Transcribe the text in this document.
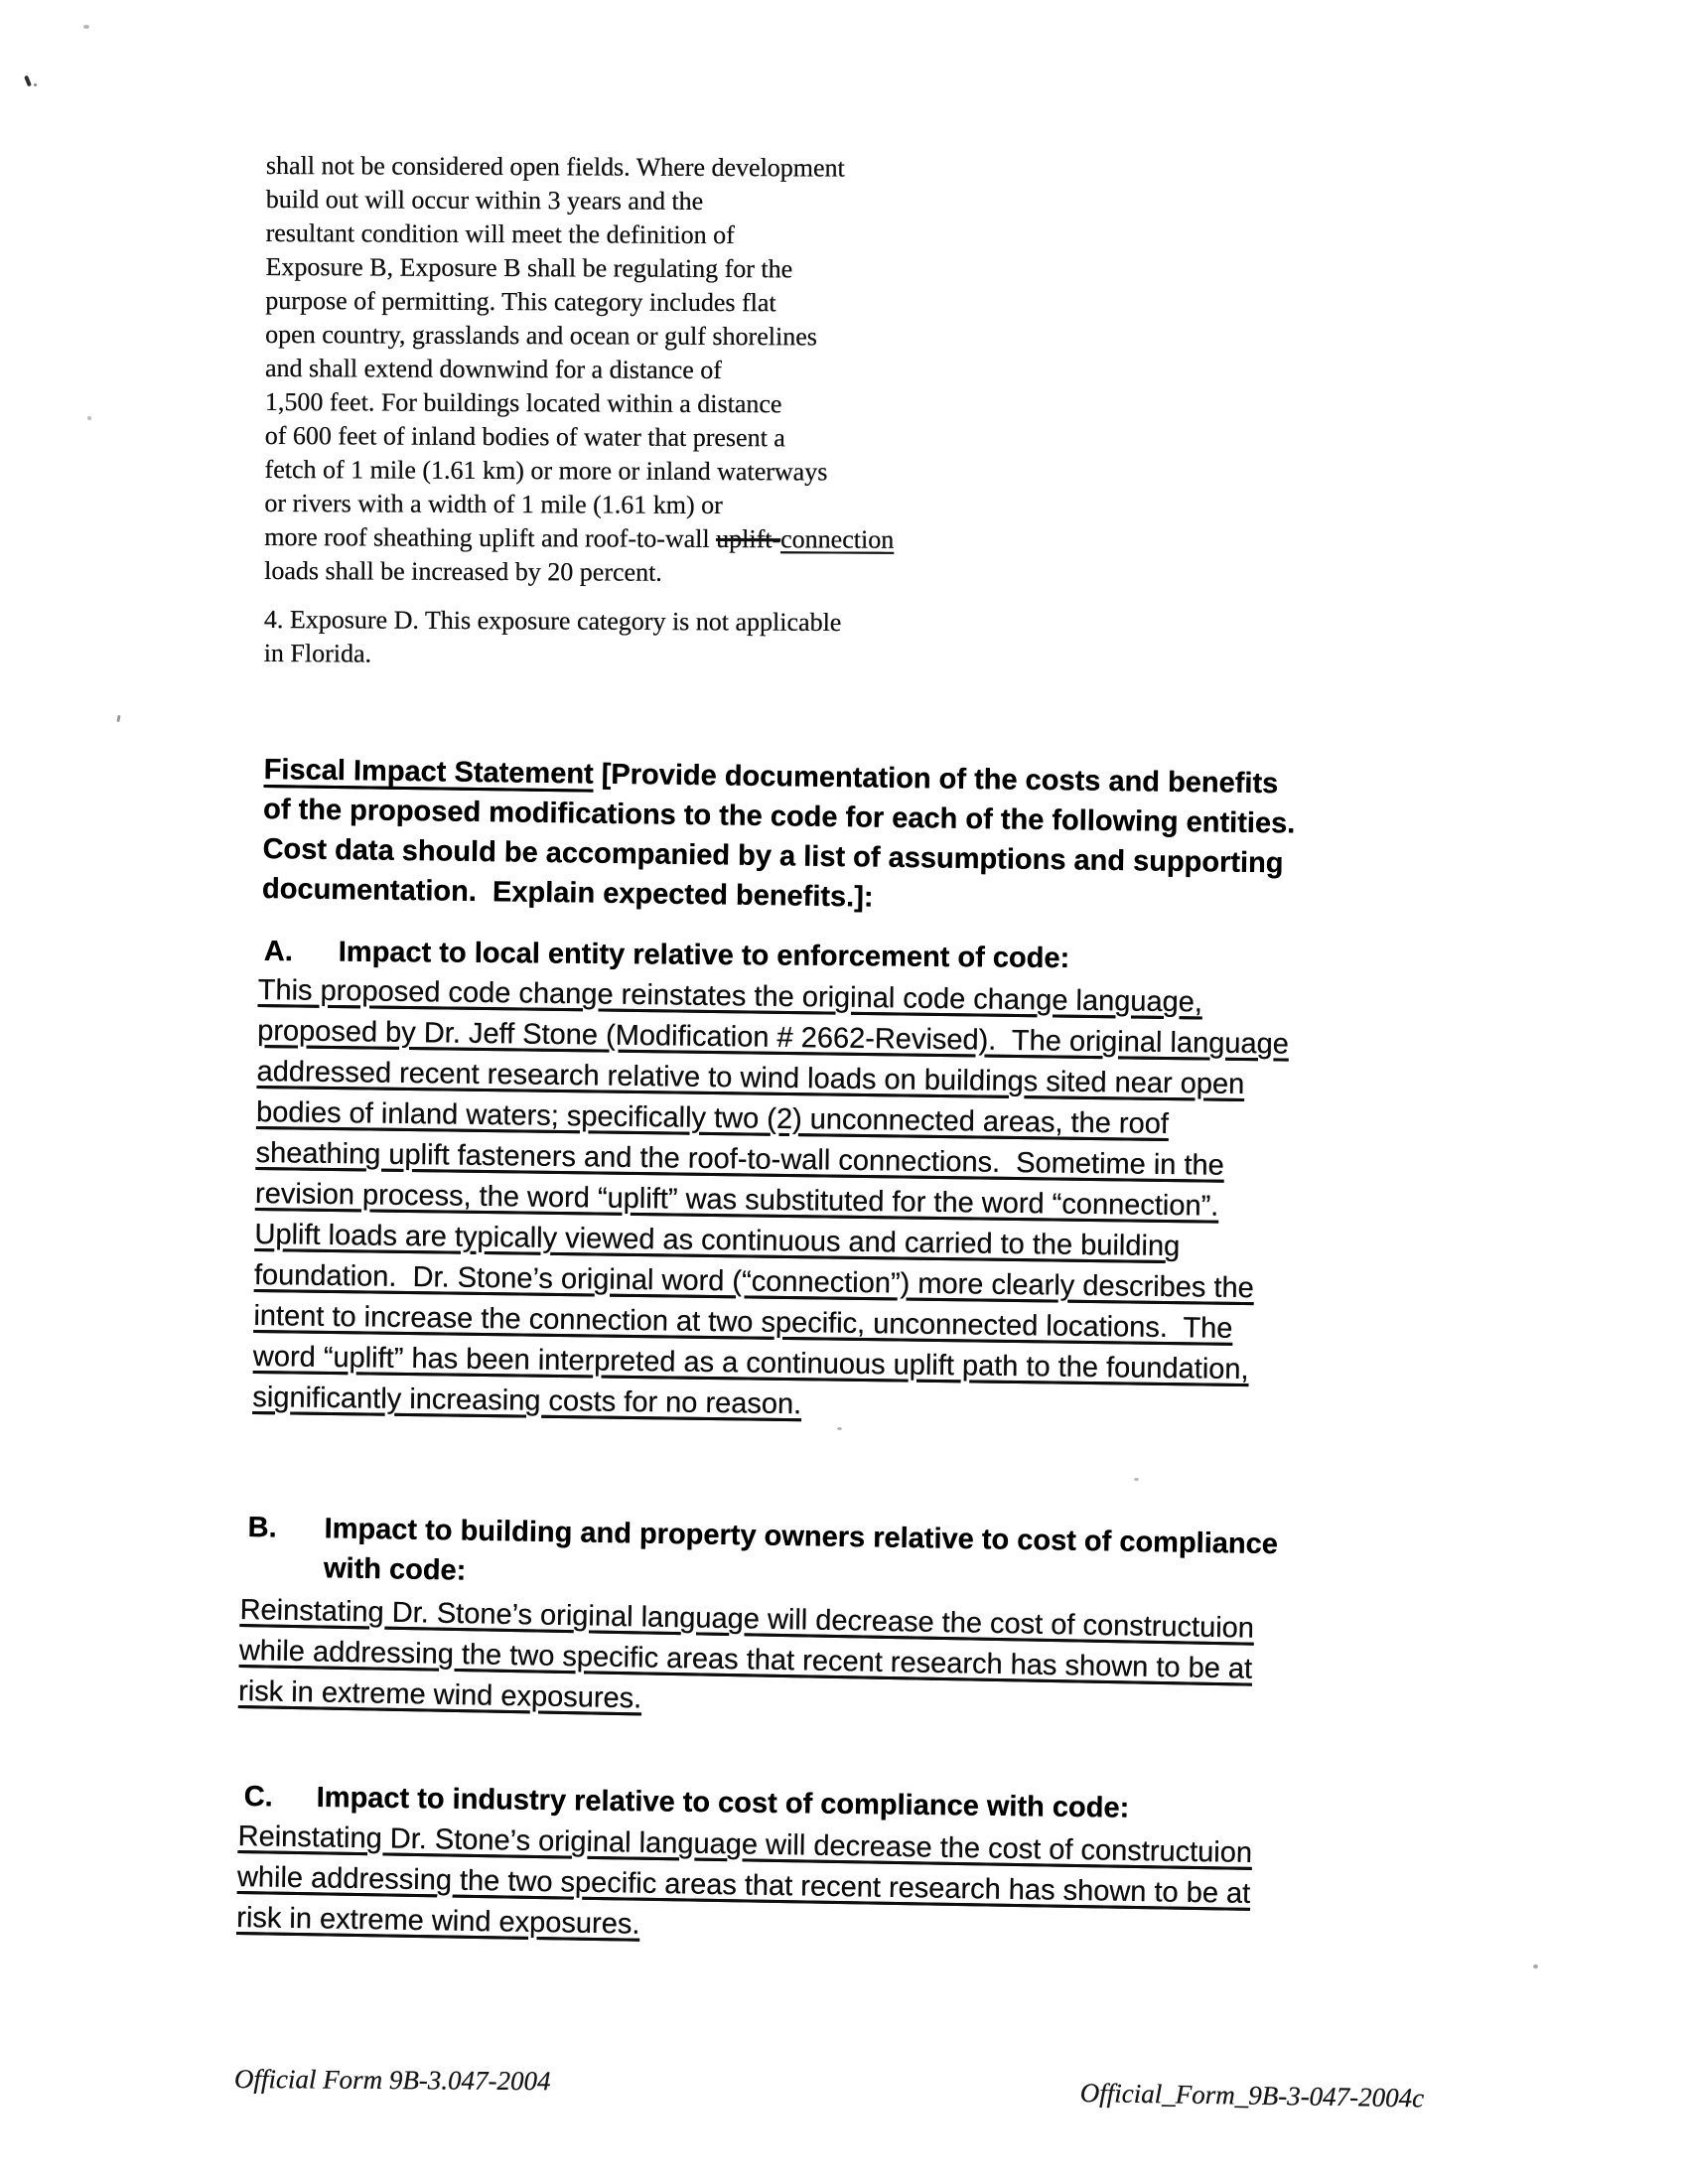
shall not be considered open fields. Where development
build out will occur within 3 years and the
resultant condition will meet the definition of
Exposure B, Exposure B shall be regulating for the
purpose of permitting. This category includes flat
open country, grasslands and ocean or gulf shorelines
and shall extend downwind for a distance of
1,500 feet. For buildings located within a distance
of 600 feet of inland bodies of water that present a
fetch of 1 mile (1.61 km) or more or inland waterways
or rivers with a width of 1 mile (1.61 km) or
more roof sheathing uplift and roof-to-wall uplift-connection
loads shall be increased by 20 percent.
4. Exposure D. This exposure category is not applicable
in Florida.
Fiscal Impact Statement [Provide documentation of the costs and benefits
of the proposed modifications to the code for each of the following entities.
Cost data should be accompanied by a list of assumptions and supporting
documentation.  Explain expected benefits.]:
A. Impact to local entity relative to enforcement of code:
This proposed code change reinstates the original code change language,
proposed by Dr. Jeff Stone (Modification # 2662-Revised).  The original language
addressed recent research relative to wind loads on buildings sited near open
bodies of inland waters; specifically two (2) unconnected areas, the roof
sheathing uplift fasteners and the roof-to-wall connections.  Sometime in the
revision process, the word “uplift” was substituted for the word “connection”.
Uplift loads are typically viewed as continuous and carried to the building
foundation.  Dr. Stone’s original word (“connection”) more clearly describes the
intent to increase the connection at two specific, unconnected locations.  The
word “uplift” has been interpreted as a continuous uplift path to the foundation,
significantly increasing costs for no reason.
B. Impact to building and property owners relative to cost of compliance
with code:
Reinstating Dr. Stone’s original language will decrease the cost of constructuion
while addressing the two specific areas that recent research has shown to be at
risk in extreme wind exposures.
C. Impact to industry relative to cost of compliance with code:
Reinstating Dr. Stone’s original language will decrease the cost of constructuion
while addressing the two specific areas that recent research has shown to be at
risk in extreme wind exposures.
Official Form 9B-3.047-2004	Official_Form_9B-3-047-2004c
